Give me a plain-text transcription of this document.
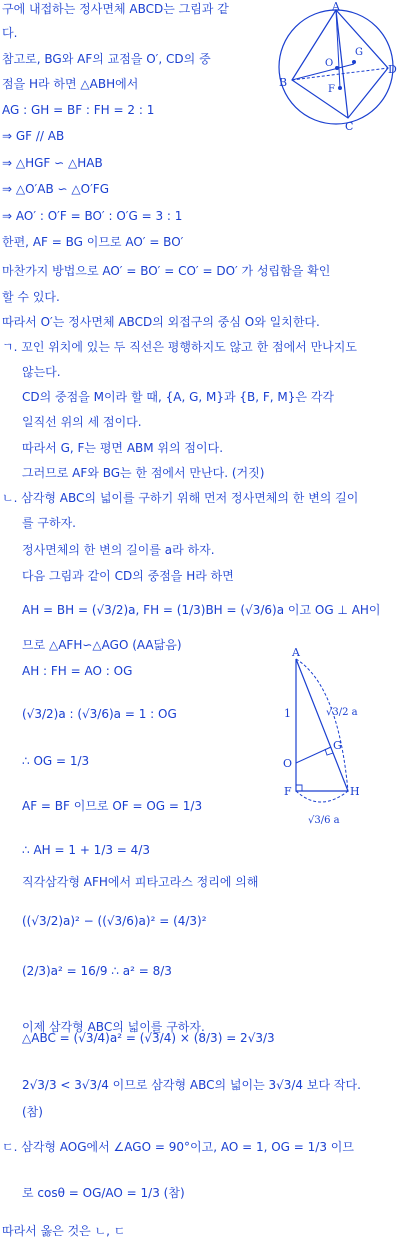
구에 내접하는 정사면체 ABCD는 그림과 같
다.
참고로, BG와 AF의 교점을 O′, CD의 중
점을 H라 하면 △ABH에서
AG : GH = BF : FH = 2 : 1
⇒ GF // AB
⇒ △HGF ∽ △HAB
⇒ △O′AB ∽ △O′FG
⇒ AO′ : O′F = BO′ : O′G = 3 : 1
한편, AF = BG 이므로 AO′ = BO′
마찬가지 방법으로 AO′ = BO′ = CO′ = DO′ 가 성립함을 확인
할 수 있다.
따라서 O′는 정사면체 ABCD의 외접구의 중심 O와 일치한다.
ㄱ. 꼬인 위치에 있는 두 직선은 평행하지도 않고 한 점에서 만나지도
않는다.
CD의 중점을 M이라 할 때, {A, G, M}과 {B, F, M}은 각각
일직선 위의 세 점이다.
따라서 G, F는 평면 ABM 위의 점이다.
그러므로 AF와 BG는 한 점에서 만난다. (거짓)
ㄴ. 삼각형 ABC의 넓이를 구하기 위해 먼저 정사면체의 한 변의 길이
를 구하자.
정사면체의 한 변의 길이를 a라 하자.
다음 그림과 같이 CD의 중점을 H라 하면
AH = BH = (√3/2)a, FH = (1/3)BH = (√3/6)a 이고 OG ⊥ AH이
므로 △AFH∽△AGO (AA닮음)
AH : FH = AO : OG
(√3/2)a : (√3/6)a = 1 : OG
∴ OG = 1/3
AF = BF 이므로 OF = OG = 1/3
∴ AH = 1 + 1/3 = 4/3
직각삼각형 AFH에서 피타고라스 정리에 의해
((√3/2)a)² − ((√3/6)a)² = (4/3)²
(2/3)a² = 16/9 ∴ a² = 8/3
이제 삼각형 ABC의 넓이를 구하자.
△ABC = (√3/4)a² = (√3/4) × (8/3) = 2√3/3
2√3/3 < 3√3/4 이므로 삼각형 ABC의 넓이는 3√3/4 보다 작다.
(참)
ㄷ. 삼각형 AOG에서 ∠AGO = 90°이고, AO = 1, OG = 1/3 이므
로 cosθ = OG/AO = 1/3 (참)
따라서 옳은 것은 ㄴ, ㄷ
A
B
C
D
G
O
F
A
1	√3/2 a
G
O
F	H
√3/6 a
